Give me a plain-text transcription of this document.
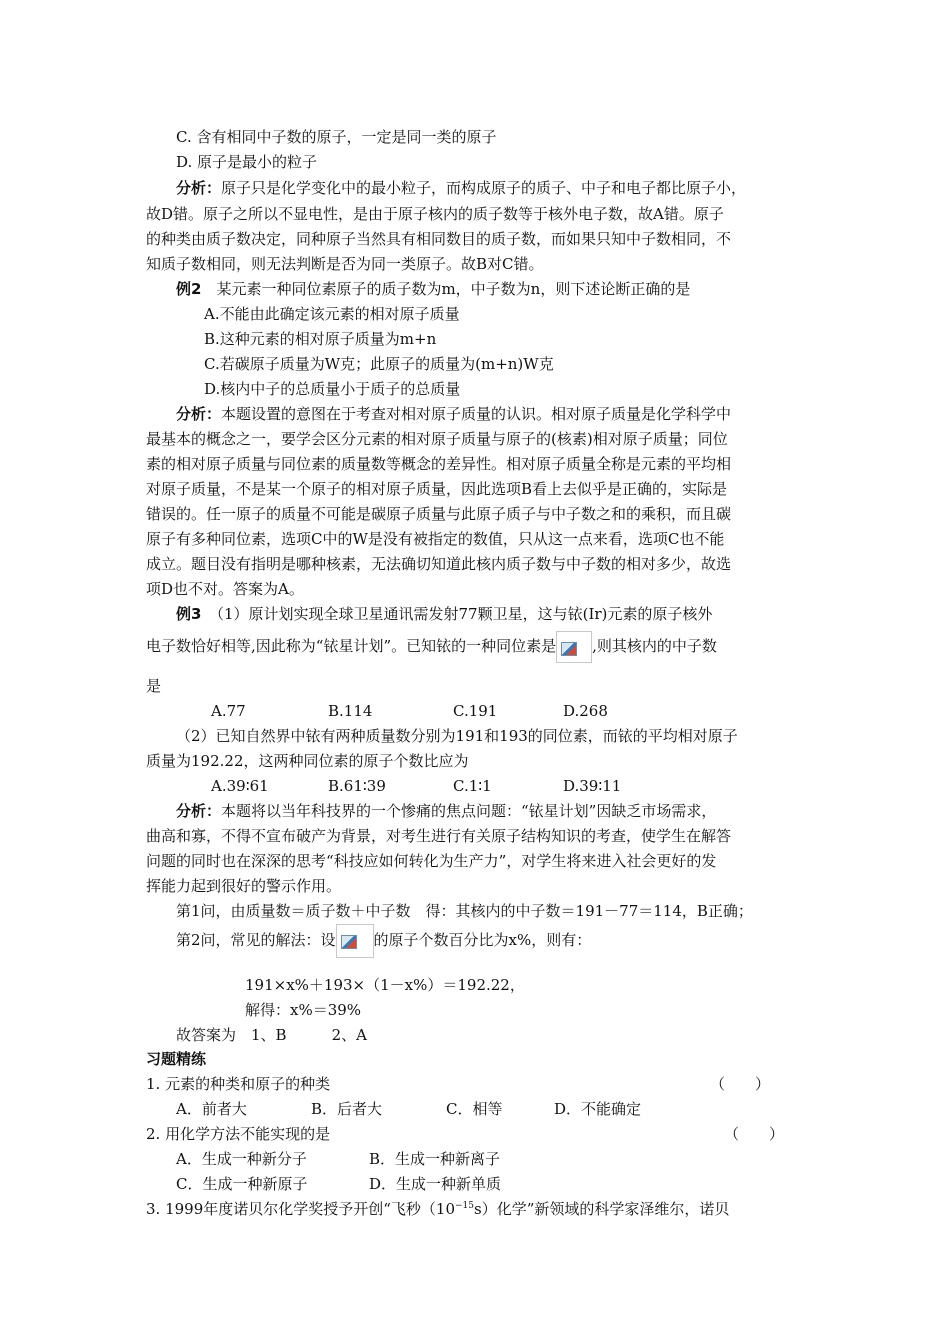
C. 含有相同中子数的原子，一定是同一类的原子
D. 原子是最小的粒子
分析：原子只是化学变化中的最小粒子，而构成原子的质子、中子和电子都比原子小，
故D错。原子之所以不显电性，是由于原子核内的质子数等于核外电子数，故A错。原子
的种类由质子数决定，同种原子当然具有相同数目的质子数，而如果只知中子数相同，不
知质子数相同，则无法判断是否为同一类原子。故B对C错。
例2　 某元素一种同位素原子的质子数为m，中子数为n，则下述论断正确的是
A.不能由此确定该元素的相对原子质量
B.这种元素的相对原子质量为m+n
C.若碳原子质量为W克；此原子的质量为(m+n)W克
D.核内中子的总质量小于质子的总质量
分析：本题设置的意图在于考查对相对原子质量的认识。相对原子质量是化学科学中
最基本的概念之一，要学会区分元素的相对原子质量与原子的(核素)相对原子质量；同位
素的相对原子质量与同位素的质量数等概念的差异性。相对原子质量全称是元素的平均相
对原子质量，不是某一个原子的相对原子质量，因此选项B看上去似乎是正确的，实际是
错误的。任一原子的质量不可能是碳原子质量与此原子质子与中子数之和的乘积，而且碳
原子有多种同位素，选项C中的W是没有被指定的数值，只从这一点来看，选项C也不能
成立。题目没有指明是哪种核素，无法确切知道此核内质子数与中子数的相对多少，故选
项D也不对。答案为A。
例3　 （1）原计划实现全球卫星通讯需发射77颗卫星，这与铱(Ir)元素的原子核外
电子数恰好相等,因此称为“铱星计划”。已知铱的一种同位素是 ,则其核内的中子数
是
A.77	B.114	C.191	D.268
（2）已知自然界中铱有两种质量数分别为191和193的同位素，而铱的平均相对原子
质量为192.22，这两种同位素的原子个数比应为
A.39∶61	B.61∶39	C.1∶1	D.39∶11
分析：本题将以当年科技界的一个惨痛的焦点问题：“铱星计划”因缺乏市场需求，
曲高和寡，不得不宣布破产为背景，对考生进行有关原子结构知识的考查，使学生在解答
问题的同时也在深深的思考“科技应如何转化为生产力”，对学生将来进入社会更好的发
挥能力起到很好的警示作用。
第1问，由质量数＝质子数＋中子数　得：其核内的中子数＝191－77＝114，B正确；
第2问，常见的解法：设	的原子个数百分比为x%，则有：
191×x%＋193×（1－x%）＝192.22，
解得：x%＝39%
故答案为　1、B　　　2、A
习题精练
1. 元素的种类和原子的种类	（　　）
A．前者大	B．后者大	C．相等	D．不能确定
2. 用化学方法不能实现的是	（　　）
A．生成一种新分子	B．生成一种新离子
C．生成一种新原子	D．生成一种新单质
3. 1999年度诺贝尔化学奖授予开创“飞秒$(10^{-15}s)$化学”新领域的科学家泽维尔，诺贝
